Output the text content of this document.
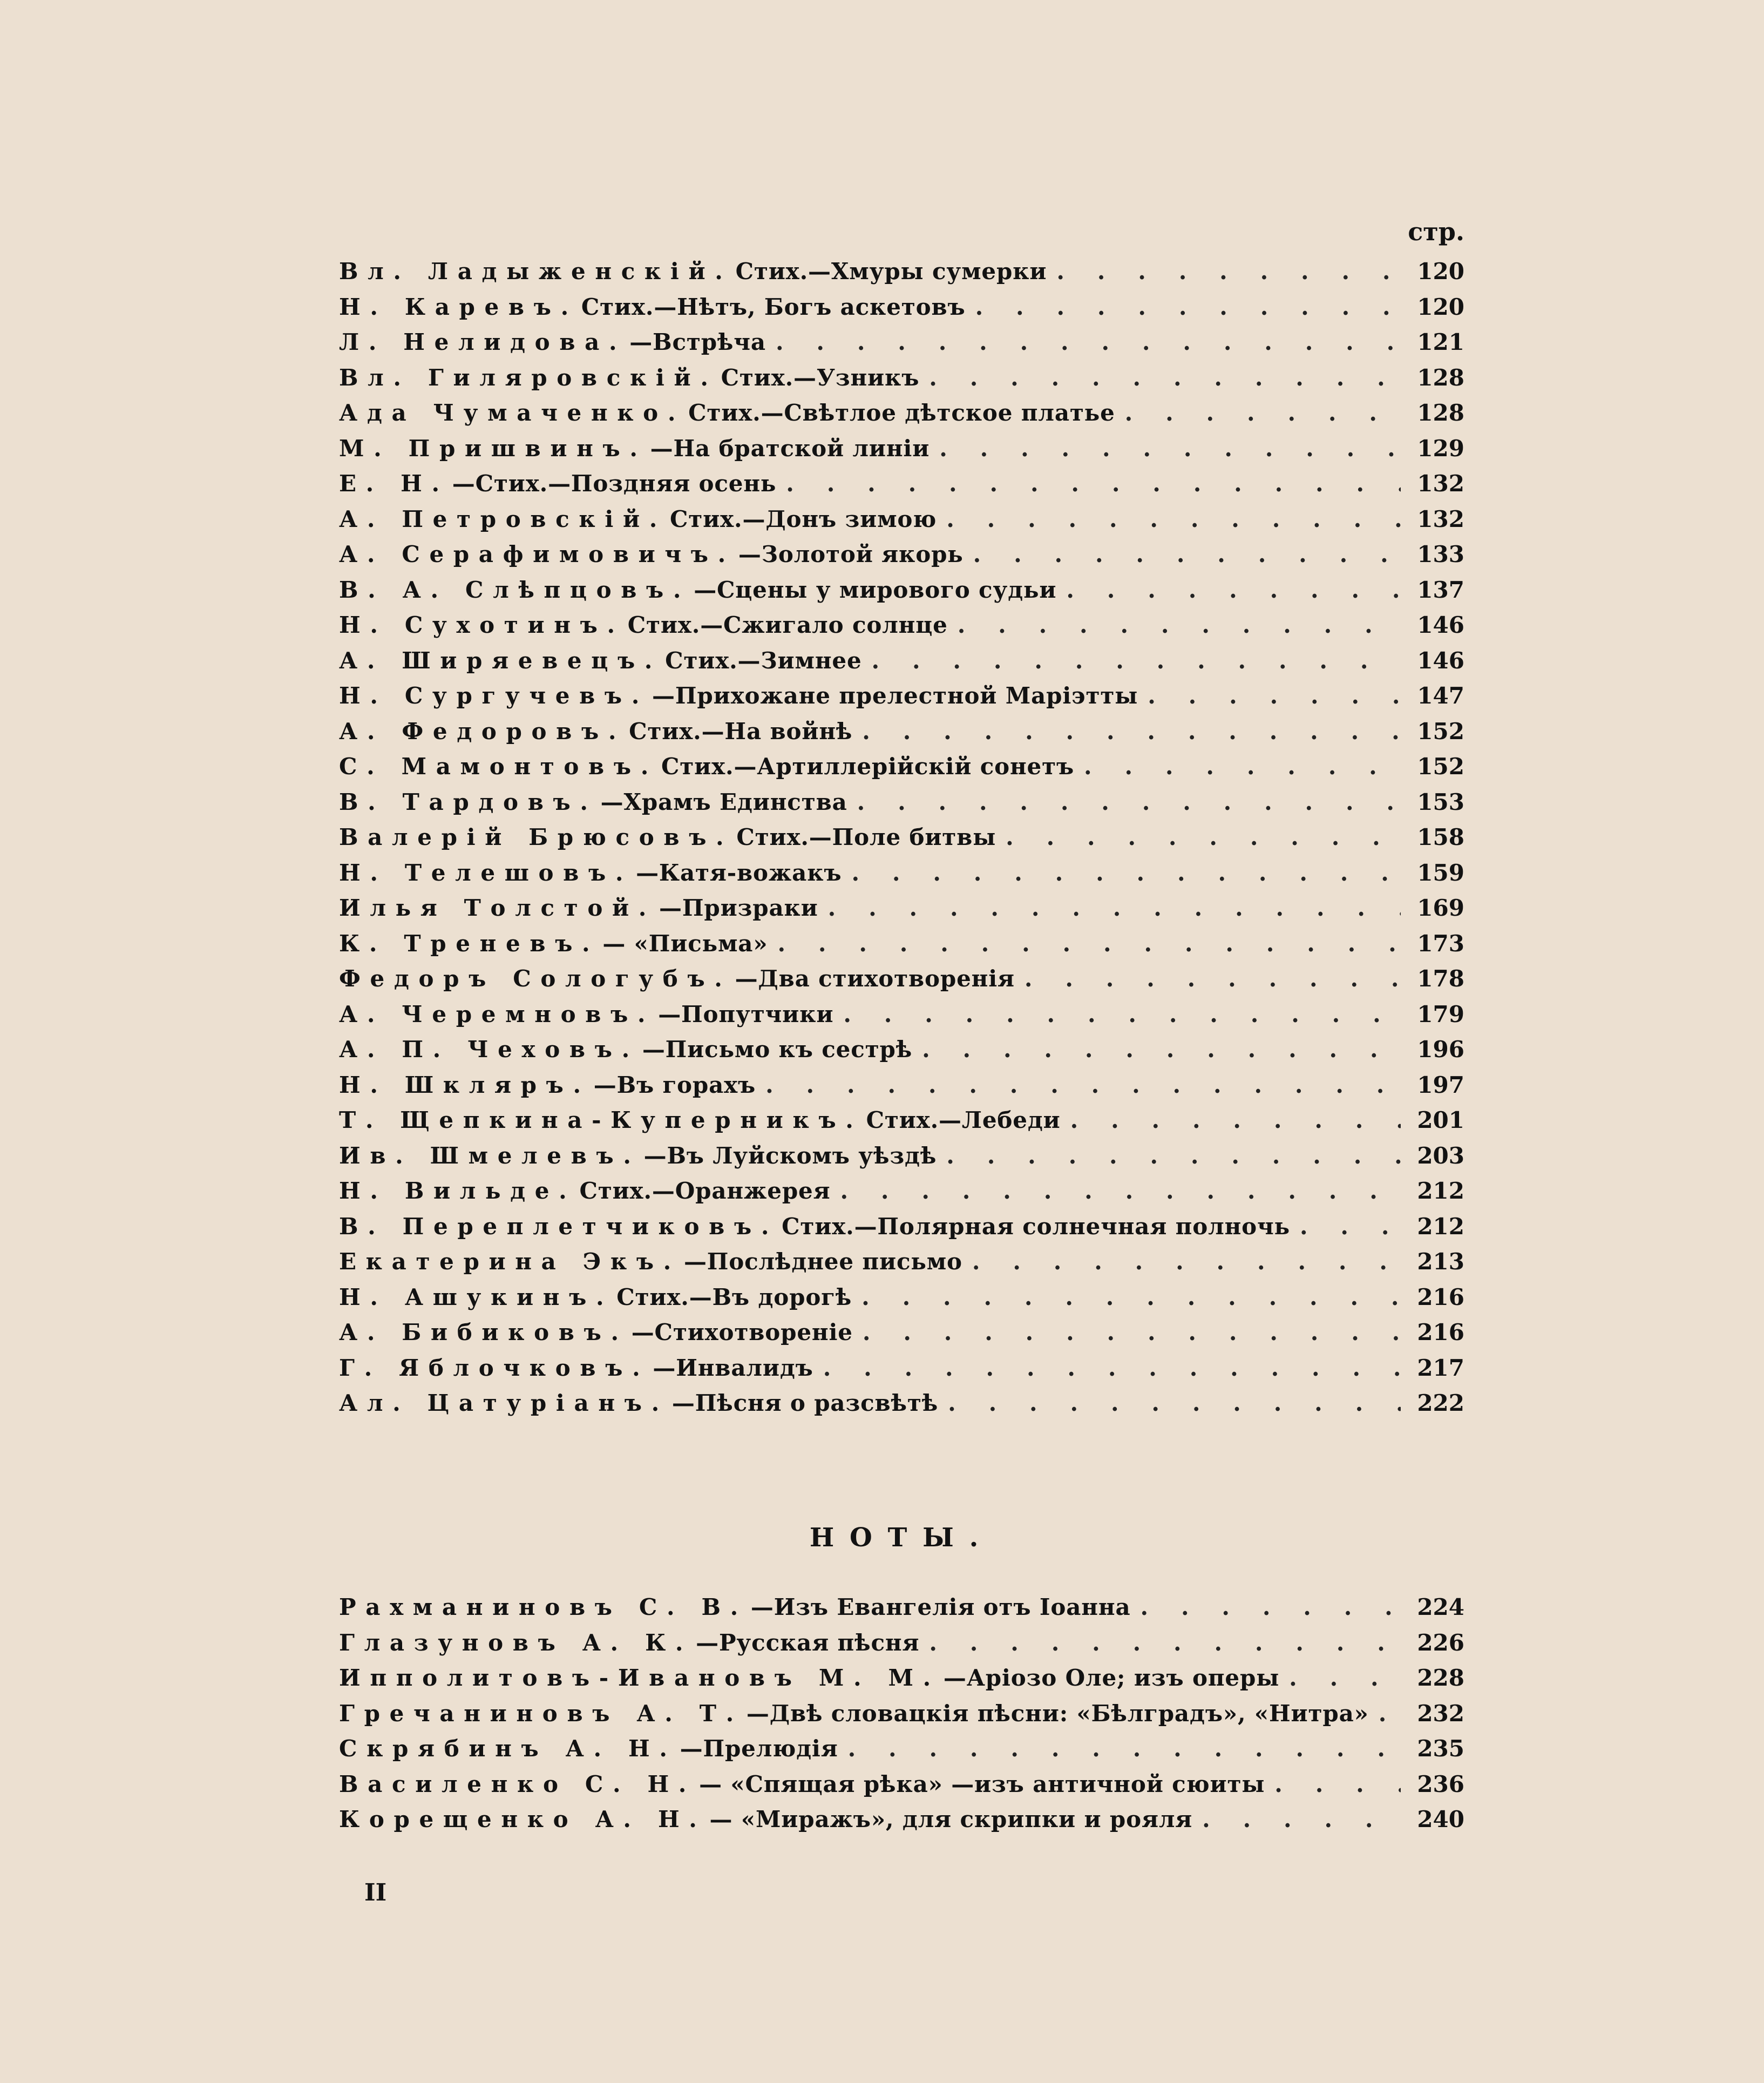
стр.
Вл. Ладыженскій. Стих.—Хмуры сумерки . . .	120
Н. Каревъ. Стих.—Нѣтъ, Богъ аскетовъ . . .	120
Л. Нелидова. —Встрѣча . . .	121
Вл. Гиляровскій. Стих.—Узникъ . . .	128
Ада Чумаченко. Стих.—Свѣтлое дѣтское платье . . .	128
М. Пришвинъ. —На братской линіи . . .	129
Е. Н. —Стих.—Поздняя осень . . .	132
А. Петровскій. Стих.—Донъ зимою . . .	132
А. Серафимовичъ. —Золотой якорь . . .	133
В. А. Слѣпцовъ. —Сцены у мирового судьи . . .	137
Н. Сухотинъ. Стих.—Сжигало солнце . . .	146
А. Ширяевецъ. Стих.—Зимнее . . .	146
Н. Сургучевъ. —Прихожане прелестной Маріэтты . . .	147
А. Федоровъ. Стих.—На войнѣ . . .	152
С. Мамонтовъ. Стих.—Артиллерійскій сонетъ . . .	152
В. Тардовъ. —Храмъ Единства . . .	153
Валерій Брюсовъ. Стих.—Поле битвы . . .	158
Н. Телешовъ. —Катя-вожакъ . . .	159
Илья Толстой. —Призраки . . .	169
К. Треневъ. — «Письма» . . .	173
Федоръ Сологубъ. —Два стихотворенія . . .	178
А. Черемновъ. —Попутчики . . .	179
А. П. Чеховъ. —Письмо къ сестрѣ . . .	196
Н. Шкляръ. —Въ горахъ . . .	197
Т. Щепкина-Куперникъ. Стих.—Лебеди . . .	201
Ив. Шмелевъ. —Въ Луйскомъ уѣздѣ . . .	203
Н. Вильде. Стих.—Оранжерея . . .	212
В. Переплетчиковъ. Стих.—Полярная солнечная полночь . . .	212
Екатерина Экъ. —Послѣднее письмо . . .	213
Н. Ашукинъ. Стих.—Въ дорогѣ . . .	216
А. Бибиковъ. —Стихотвореніе . . .	216
Г. Яблочковъ. —Инвалидъ . . .	217
Ал. Цатуріанъ. —Пѣсня о разсвѣтѣ . . .	222
НОТЫ.
Рахманиновъ С. В. —Изъ Евангелія отъ Іоанна . . .	224
Глазуновъ А. К. —Русская пѣсня . . .	226
Ипполитовъ-Ивановъ М. М. —Аріозо Оле; изъ оперы . . .	228
Гречаниновъ А. Т. —Двѣ словацкія пѣсни: «Бѣлградъ», «Нитра» . . . 232
Скрябинъ А. Н. —Прелюдія . . .	235
Василенко С. Н. — «Спящая рѣка» —изъ античной сюиты . . .	236
Корещенко А. Н. — «Миражъ», для скрипки и рояля . . .	240
II
